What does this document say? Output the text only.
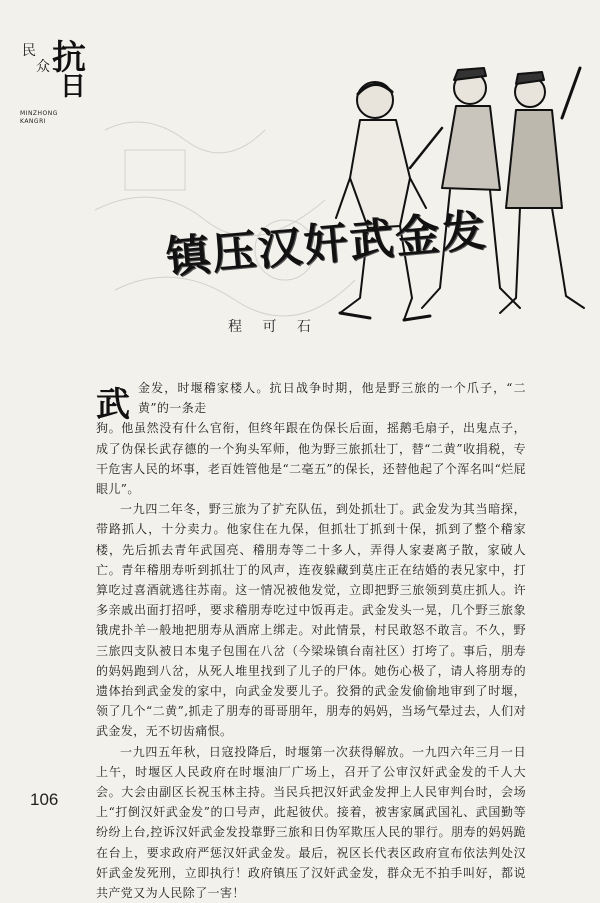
民
众 抗
日
MINZHONG
KANGRI
镇压汉奸武金发
程 可 石
武 金发，时堰稽家楼人。抗日战争时期，他是野三旅的一个爪子，“二黄”的一条走
狗。他虽然没有什么官衔，但终年跟在伪保长后面，摇鹅毛扇子，出鬼点子，成了伪保长武存德的一个狗头军师，他为野三旅抓壮丁，替“二黄”收捐税，专干危害人民的坏事，老百姓管他是“二毫五”的保长，还替他起了个浑名叫“烂屁眼儿”。

一九四二年冬，野三旅为了扩充队伍，到处抓壮丁。武金发为其当暗探，带路抓人，十分卖力。他家住在九保，但抓壮丁抓到十保，抓到了整个稽家楼，先后抓去青年武国亮、稽朋寿等二十多人，弄得人家妻离子散，家破人亡。青年稽朋寿听到抓壮丁的风声，连夜躲藏到莫庄正在结婚的表兄家中，打算吃过喜酒就逃往苏南。这一情况被他发觉，立即把野三旅领到莫庄抓人。许多亲戚出面打招呼，要求稽朋寿吃过中饭再走。武金发头一晃，几个野三旅象锇虎扑羊一般地把朋寿从酒席上绑走。对此情景，村民敢怒不敢言。不久，野三旅四支队被日本鬼子包围在八岔（今梁垛镇台南社区）打垮了。事后，朋寿的妈妈跑到八岔，从死人堆里找到了儿子的尸体。她伤心极了，请人将朋寿的遗体抬到武金发的家中，向武金发要儿子。狡猾的武金发偷偷地审到了时堰，领了几个“二黄”,抓走了朋寿的哥哥朋年，朋寿的妈妈，当场气晕过去，人们对武金发，无不切齿痛恨。

一九四五年秋，日寇投降后，时堰第一次获得解放。一九四六年三月一日上午，时堰区人民政府在时堰油厂广场上，召开了公审汉奸武金发的千人大会。大会由副区长祝玉林主持。当民兵把汉奸武金发押上人民审判台时，会场上“打倒汉奸武金发”的口号声，此起彼伏。接着，被害家属武国礼、武国勤等纷纷上台,控诉汉奸武金发投靠野三旅和日伪军欺压人民的罪行。朋寿的妈妈跪在台上，要求政府严惩汉奸武金发。最后，祝区长代表区政府宣布依法判处汉奸武金发死刑，立即执行！政府镇压了汉奸武金发，群众无不拍手叫好，都说共产党又为人民除了一害！

106
